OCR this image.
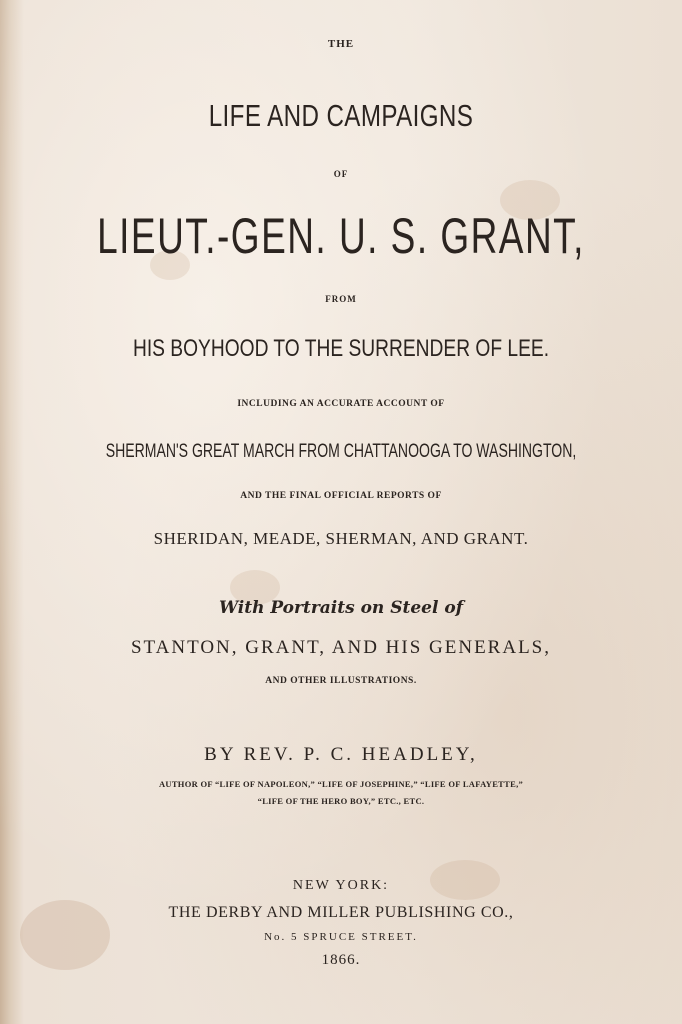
THE
LIFE AND CAMPAIGNS
OF
LIEUT.-GEN. U. S. GRANT,
FROM
HIS BOYHOOD TO THE SURRENDER OF LEE.
INCLUDING AN ACCURATE ACCOUNT OF
SHERMAN'S GREAT MARCH FROM CHATTANOOGA TO WASHINGTON,
AND THE FINAL OFFICIAL REPORTS OF
SHERIDAN, MEADE, SHERMAN, AND GRANT.
With Portraits on Steel of
STANTON, GRANT, AND HIS GENERALS,
AND OTHER ILLUSTRATIONS.
BY REV. P. C. HEADLEY,
AUTHOR OF “LIFE OF NAPOLEON,” “LIFE OF JOSEPHINE,” “LIFE OF LAFAYETTE,”
“LIFE OF THE HERO BOY,” ETC., ETC.
NEW YORK:
THE DERBY AND MILLER PUBLISHING CO.,
No. 5 SPRUCE STREET.
1866.
